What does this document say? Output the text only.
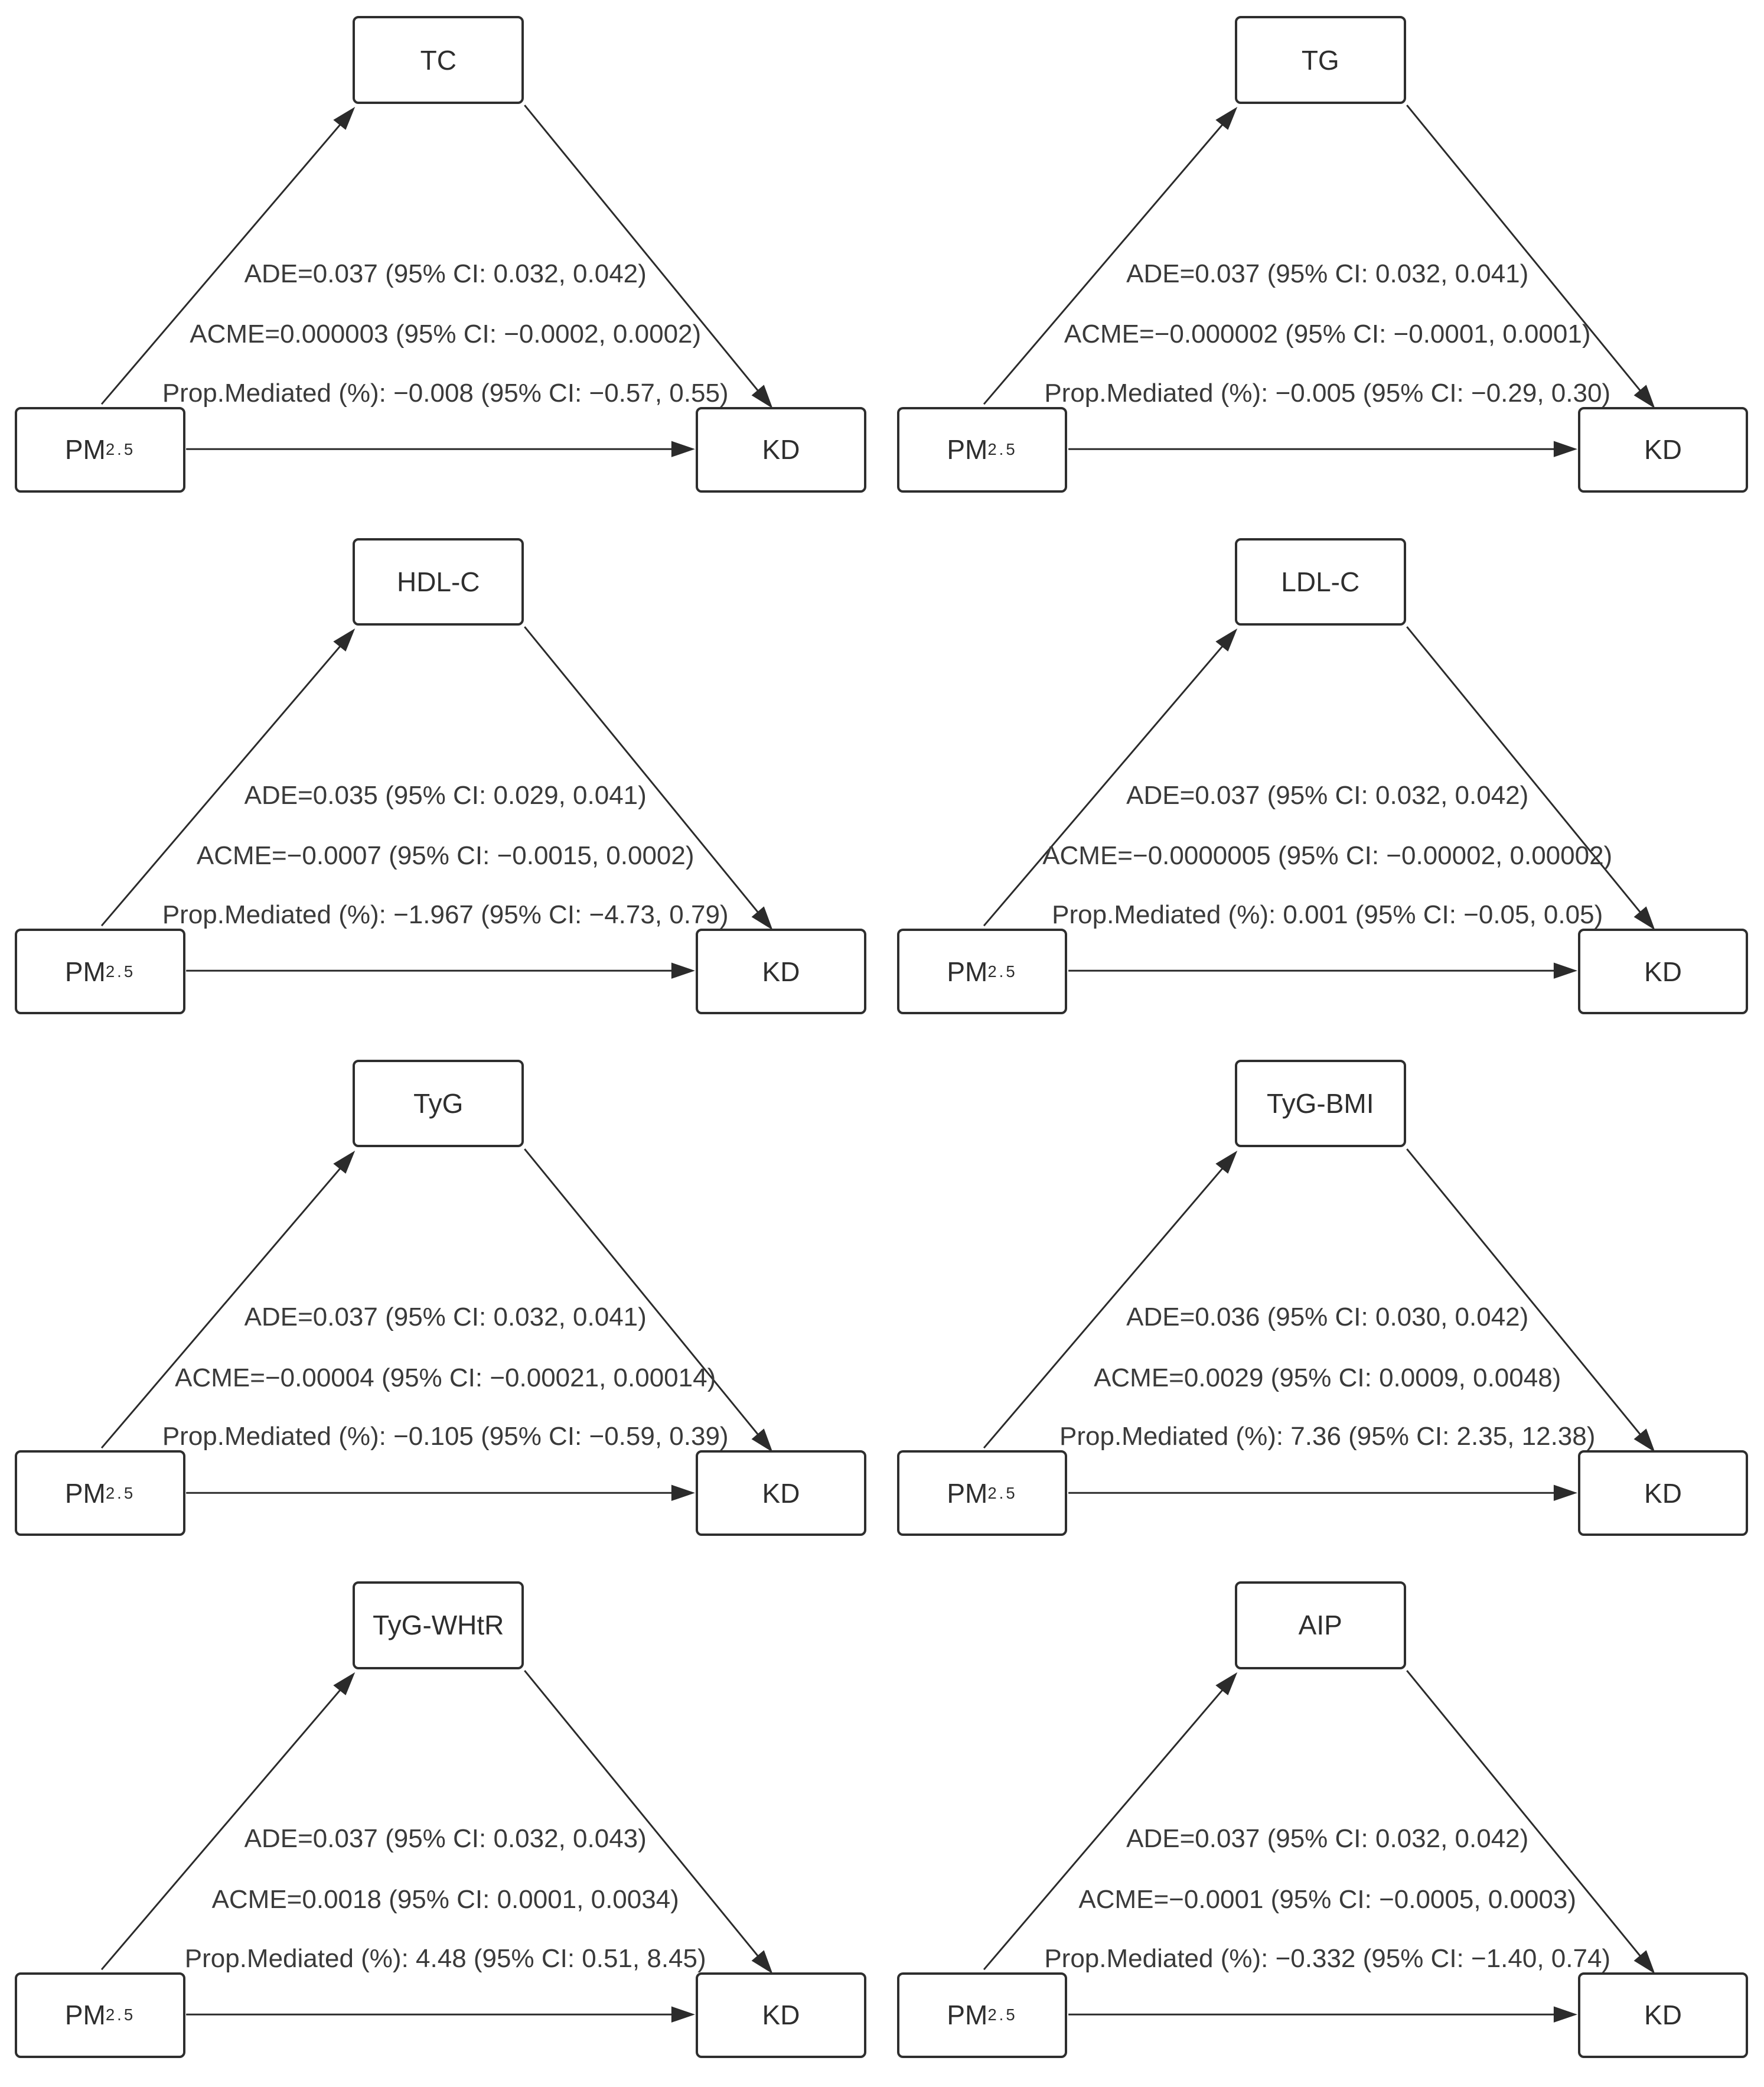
TC
PM 2.5	KD
ADE=0.037 (95% CI: 0.032, 0.042)
ACME=0.000003 (95% CI: −0.0002, 0.0002)
Prop.Mediated (%): −0.008 (95% CI: −0.57, 0.55)
TG
PM 2.5	KD
ADE=0.037 (95% CI: 0.032, 0.041)
ACME=−0.000002 (95% CI: −0.0001, 0.0001)
Prop.Mediated (%): −0.005 (95% CI: −0.29, 0.30)
HDL-C
PM 2.5	KD
ADE=0.035 (95% CI: 0.029, 0.041)
ACME=−0.0007 (95% CI: −0.0015, 0.0002)
Prop.Mediated (%): −1.967 (95% CI: −4.73, 0.79)
LDL-C
PM 2.5	KD
ADE=0.037 (95% CI: 0.032, 0.042)
ACME=−0.0000005 (95% CI: −0.00002, 0.00002)
Prop.Mediated (%): 0.001 (95% CI: −0.05, 0.05)
TyG
PM 2.5	KD
ADE=0.037 (95% CI: 0.032, 0.041)
ACME=−0.00004 (95% CI: −0.00021, 0.00014)
Prop.Mediated (%): −0.105 (95% CI: −0.59, 0.39)
TyG-BMI
PM 2.5	KD
ADE=0.036 (95% CI: 0.030, 0.042)
ACME=0.0029 (95% CI: 0.0009, 0.0048)
Prop.Mediated (%): 7.36 (95% CI: 2.35, 12.38)
TyG-WHtR
PM 2.5	KD
ADE=0.037 (95% CI: 0.032, 0.043)
ACME=0.0018 (95% CI: 0.0001, 0.0034)
Prop.Mediated (%): 4.48 (95% CI: 0.51, 8.45)
AIP
PM 2.5	KD
ADE=0.037 (95% CI: 0.032, 0.042)
ACME=−0.0001 (95% CI: −0.0005, 0.0003)
Prop.Mediated (%): −0.332 (95% CI: −1.40, 0.74)
